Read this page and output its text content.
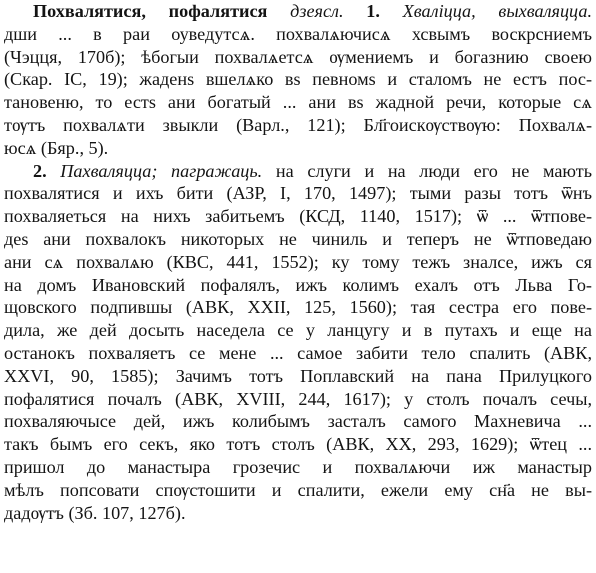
Похвалятися, пофалятися дзеясл. 1. Хваліцца, выхваляцца.
дши ... в раи оуведутсѧ. похвалѧючисѧ хсвымъ воскрсниемъ
(Чэцця, 170б); ѣбогыи похвалѧетсѧ ѹмениемъ и богазнию своею
(Скар. IC, 19); жаденѕ вшелѧко вѕ певномѕ и сталомъ не естъ пос-
тановеню, то естѕ ани богатый ... ани вѕ жадной речи, которые сѧ
тѹтъ похвалѧти звыкли (Варл., 121); Бл҃гоискѹствѹю: Похвалѧ-
юсѧ (Бяр., 5).
2. Пахваляцца; пагражаць. на слуги и на люди его не мають
похвалятися и ихъ бити (АЗР, I, 170, 1497); тыми разы тотъ ѿнъ
похваляеться на нихъ забитьемъ (КСД, 1140, 1517); ѿ ... ѿтпове-
деѕ ани похвалокъ никоторых не чиниль и теперъ не ѿтповедаю
ани сѧ похвалѧю (КВС, 441, 1552); ку тому тежъ зналсе, ижъ ся
на домъ Ивановский пофалялъ, ижъ колимъ ехалъ отъ Льва Го-
щовского подпившы (АВК, XXII, 125, 1560); тая сестра его пове-
дила, же дей досыть наседела се у ланцугу и в путахъ и еще на
останокъ похваляетъ се мене ... самое забити тело спалить (АВК,
XXVI, 90, 1585); Зачимъ тотъ Поплавский на пана Прилуцкого
пофалятися почалъ (АВК, XVIII, 244, 1617); у столъ почалъ сечы,
похваляючысе дей, ижъ колибымъ засталъ самого Махневича ...
такъ бымъ его секъ, яко тотъ столъ (АВК, XX, 293, 1629); ѿтец ...
пришол до манастыра грозечис и похвалѧючи иж манастыр
мѣлъ попсовати спѹстошити и спалити, ежели ему сн҃а не вы-
дадѹтъ (Зб. 107, 127б).
